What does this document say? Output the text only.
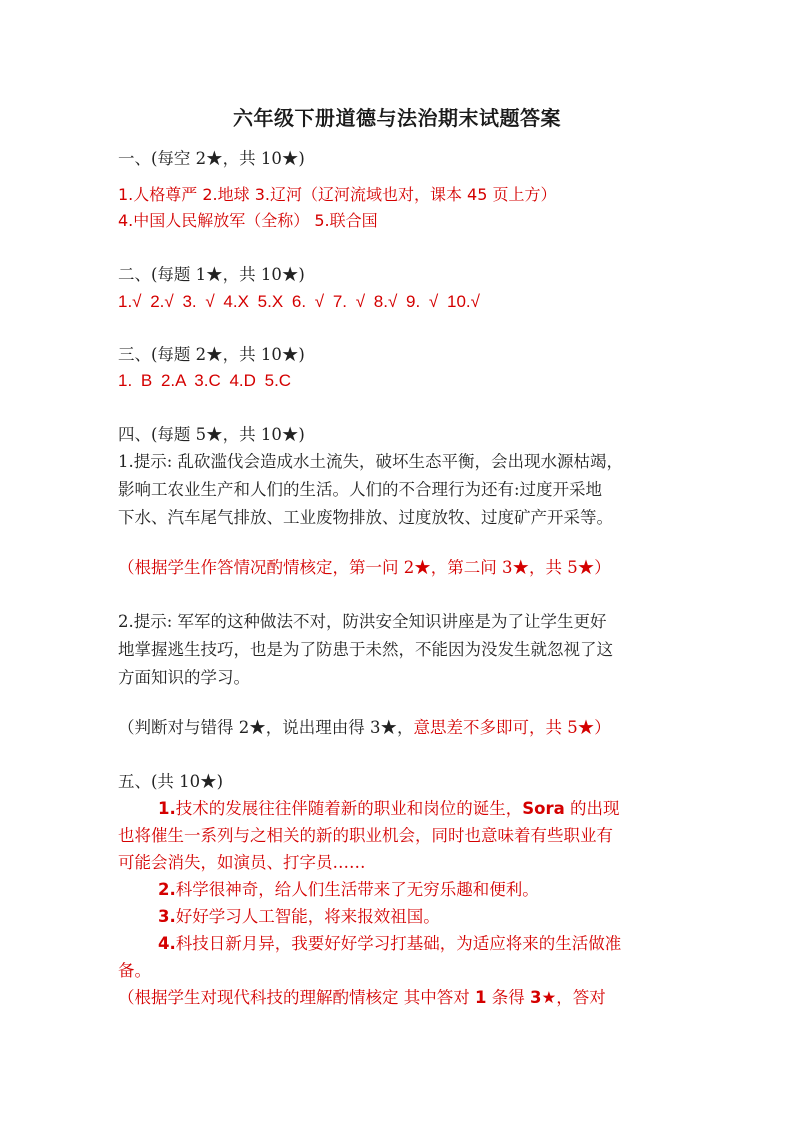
六年级下册道德与法治期末试题答案
一、(每空 2★，共 10★)
1.人格尊严 2.地球 3.辽河（辽河流域也对，课本 45 页上方）
4.中国人民解放军（全称） 5.联合国
二、(每题 1★，共 10★)
1.√ 2.√ 3. √ 4.X 5.X 6. √ 7. √ 8.√ 9. √ 10.√
三、(每题 2★，共 10★)
1. B 2.A 3.C 4.D 5.C
四、(每题 5★，共 10★)
1.提示: 乱砍滥伐会造成水土流失，破坏生态平衡，会出现水源枯竭，
影响工农业生产和人们的生活。人们的不合理行为还有:过度开采地
下水、汽车尾气排放、工业废物排放、过度放牧、过度矿产开采等。
（根据学生作答情况酌情核定，第一问 2★，第二问 3★，共 5★）
2.提示: 军军的这种做法不对，防洪安全知识讲座是为了让学生更好
地掌握逃生技巧，也是为了防患于未然，不能因为没发生就忽视了这
方面知识的学习。
（判断对与错得 2★，说出理由得 3★，意思差不多即可，共 5★）
五、(共 10★)
1.技术的发展往往伴随着新的职业和岗位的诞生，Sora 的出现
也将催生一系列与之相关的新的职业机会，同时也意味着有些职业有
可能会消失，如演员、打字员……
2.科学很神奇，给人们生活带来了无穷乐趣和便利。
3.好好学习人工智能，将来报效祖国。
4.科技日新月异，我要好好学习打基础，为适应将来的生活做准
备。
（根据学生对现代科技的理解酌情核定 其中答对 1 条得 3★，答对
